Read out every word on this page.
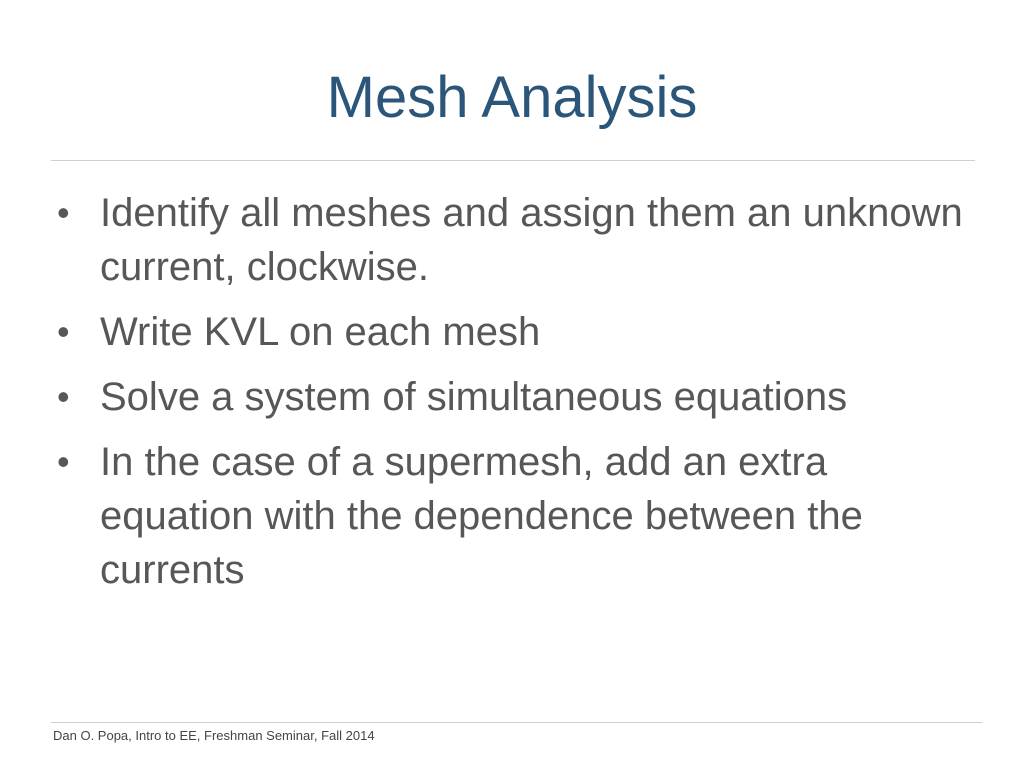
Mesh Analysis
• Identify all meshes and assign them an unknown current, clockwise.
• Write KVL on each mesh
• Solve a system of simultaneous equations
• In the case of a supermesh, add an extra equation with the dependence between the currents
Dan O. Popa, Intro to EE, Freshman Seminar, Fall 2014
